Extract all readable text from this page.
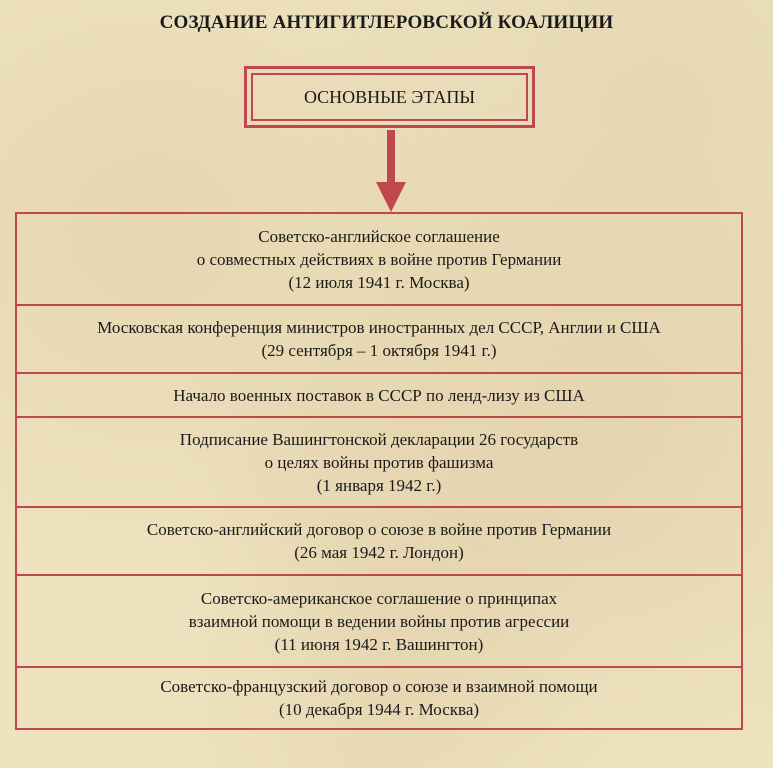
СОЗДАНИЕ АНТИГИТЛЕРОВСКОЙ КОАЛИЦИИ
ОСНОВНЫЕ ЭТАПЫ
Советско-английское соглашение
о совместных действиях в войне против Германии
(12 июля 1941 г. Москва)
Московская конференция министров иностранных дел СССР, Англии и США
(29 сентября – 1 октября 1941 г.)
Начало военных поставок в СССР по ленд-лизу из США
Подписание Вашингтонской декларации 26 государств
о целях войны против фашизма
(1 января 1942 г.)
Советско-английский договор о союзе в войне против Германии
(26 мая 1942 г. Лондон)
Советско-американское соглашение о принципах
взаимной помощи в ведении войны против агрессии
(11 июня 1942 г. Вашингтон)
Советско-французский договор о союзе и взаимной помощи
(10 декабря 1944 г. Москва)
